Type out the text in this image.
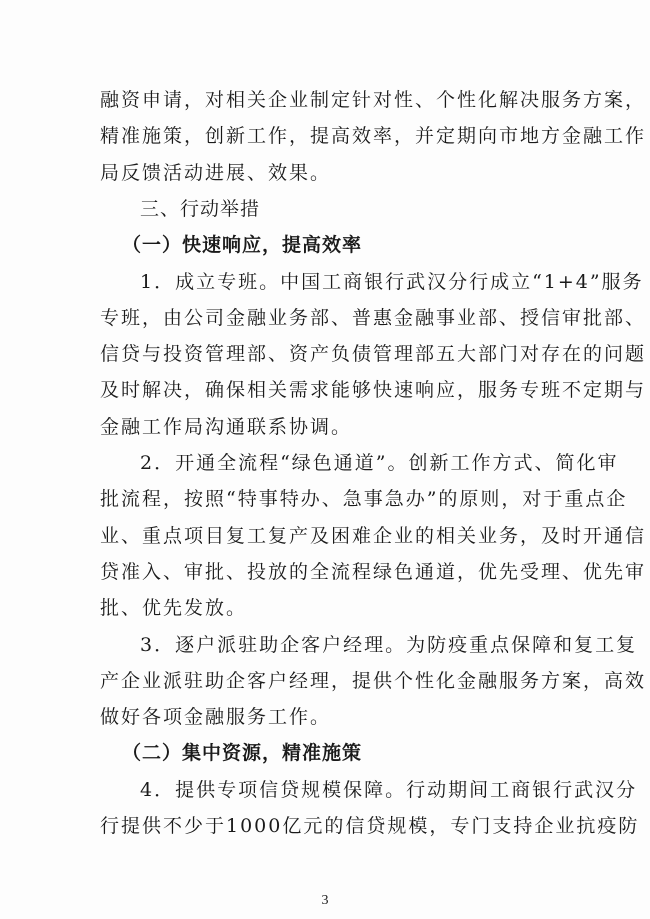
融资申请，对相关企业制定针对性、个性化解决服务方案，
精准施策，创新工作，提高效率，并定期向市地方金融工作
局反馈活动进展、效果。
三、行动举措
（一）快速响应，提高效率
1．成立专班。中国工商银行武汉分行成立“1+4”服务
专班，由公司金融业务部、普惠金融事业部、授信审批部、
信贷与投资管理部、资产负债管理部五大部门对存在的问题
及时解决，确保相关需求能够快速响应，服务专班不定期与
金融工作局沟通联系协调。
2．开通全流程“绿色通道”。创新工作方式、简化审
批流程，按照“特事特办、急事急办”的原则，对于重点企
业、重点项目复工复产及困难企业的相关业务，及时开通信
贷准入、审批、投放的全流程绿色通道，优先受理、优先审
批、优先发放。
3．逐户派驻助企客户经理。为防疫重点保障和复工复
产企业派驻助企客户经理，提供个性化金融服务方案，高效
做好各项金融服务工作。
（二）集中资源，精准施策
4．提供专项信贷规模保障。行动期间工商银行武汉分
行提供不少于1000亿元的信贷规模，专门支持企业抗疫防
3
